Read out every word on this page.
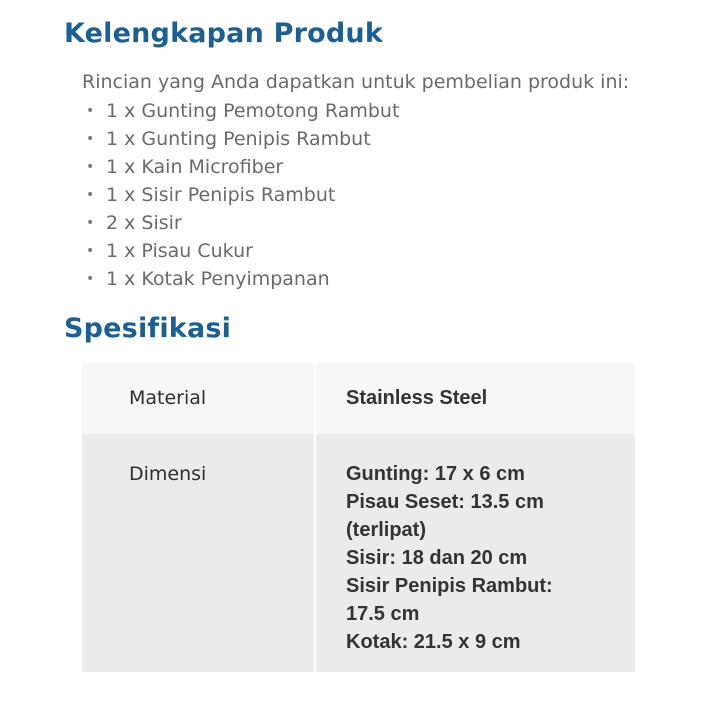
Kelengkapan Produk

Rincian yang Anda dapatkan untuk pembelian produk ini:

• 1 x Gunting Pemotong Rambut
• 1 x Gunting Penipis Rambut
• 1 x Kain Microfiber
• 1 x Sisir Penipis Rambut
• 2 x Sisir
• 1 x Pisau Cukur
• 1 x Kotak Penyimpanan
Spesifikasi
Material	Stainless Steel
Dimensi	Gunting: 17 x 6 cm
Pisau Seset: 13.5 cm
(terlipat)
Sisir: 18 dan 20 cm
Sisir Penipis Rambut:
17.5 cm
Kotak: 21.5 x 9 cm
